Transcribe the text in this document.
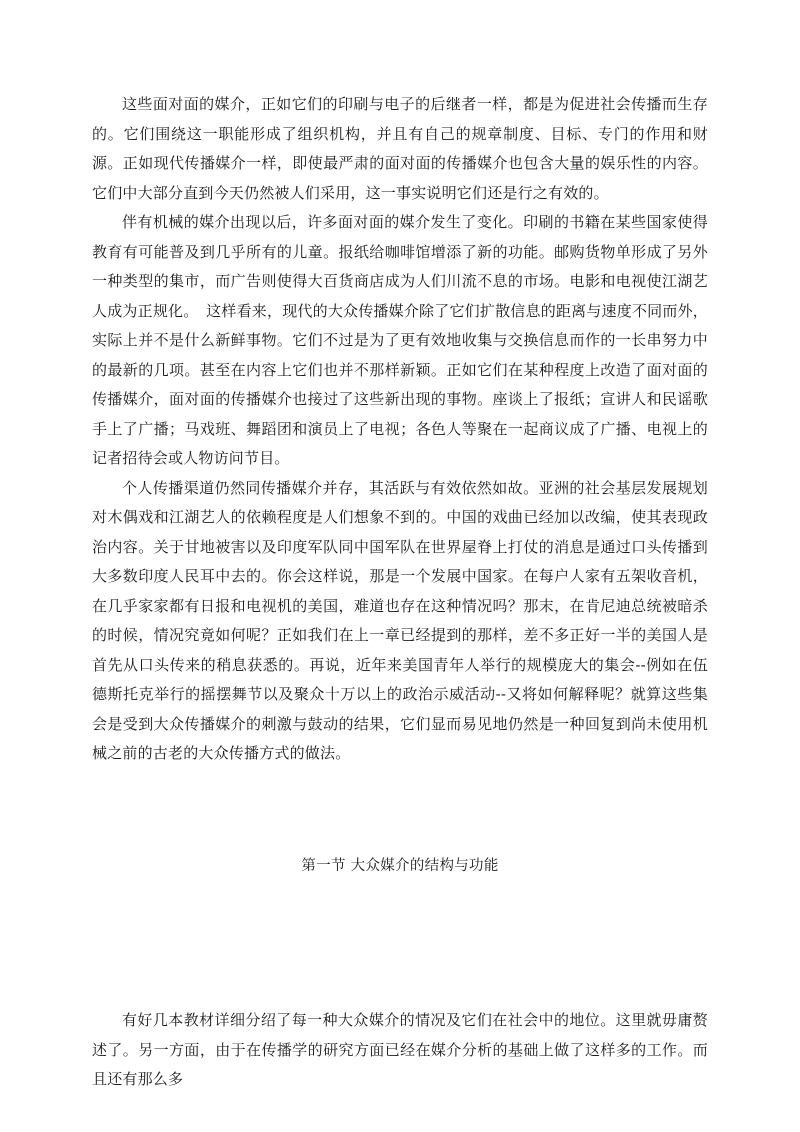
这些面对面的媒介，正如它们的印刷与电子的后继者一样，都是为促进社会传播而生存的。它们围绕这一职能形成了组织机构，并且有自己的规章制度、目标、专门的作用和财源。正如现代传播媒介一样，即使最严肃的面对面的传播媒介也包含大量的娱乐性的内容。它们中大部分直到今天仍然被人们采用，这一事实说明它们还是行之有效的。

伴有机械的媒介出现以后，许多面对面的媒介发生了变化。印刷的书籍在某些国家使得教育有可能普及到几乎所有的儿童。报纸给咖啡馆增添了新的功能。邮购货物单形成了另外一种类型的集市，而广告则使得大百货商店成为人们川流不息的市场。电影和电视使江湖艺人成为正规化。　这样看来，现代的大众传播媒介除了它们扩散信息的距离与速度不同而外，实际上并不是什么新鲜事物。它们不过是为了更有效地收集与交换信息而作的一长串努力中的最新的几项。甚至在内容上它们也并不那样新颖。正如它们在某种程度上改造了面对面的传播媒介，面对面的传播媒介也接过了这些新出现的事物。座谈上了报纸；宣讲人和民谣歌手上了广播；马戏班、舞蹈团和演员上了电视；各色人等聚在一起商议成了广播、电视上的记者招待会或人物访问节目。

个人传播渠道仍然同传播媒介并存，其活跃与有效依然如故。亚洲的社会基层发展规划对木偶戏和江湖艺人的依赖程度是人们想象不到的。中国的戏曲已经加以改编，使其表现政治内容。关于甘地被害以及印度军队同中国军队在世界屋脊上打仗的消息是通过口头传播到大多数印度人民耳中去的。你会这样说，那是一个发展中国家。在每户人家有五架收音机，在几乎家家都有日报和电视机的美国，难道也存在这种情况吗？那末，在肯尼迪总统被暗杀的时候，情况究竟如何呢？正如我们在上一章已经提到的那样，差不多正好一半的美国人是首先从口头传来的稍息获悉的。再说，近年来美国青年人举行的规模庞大的集会--例如在伍德斯托克举行的摇摆舞节以及聚众十万以上的政治示威活动--又将如何解释呢？就算这些集会是受到大众传播媒介的刺激与鼓动的结果，它们显而易见地仍然是一种回复到尚未使用机械之前的古老的大众传播方式的做法。

第一节 大众媒介的结构与功能

有好几本教材详细分绍了每一种大众媒介的情况及它们在社会中的地位。这里就毋庸赘述了。另一方面，由于在传播学的研究方面已经在媒介分析的基础上做了这样多的工作。而且还有那么多
